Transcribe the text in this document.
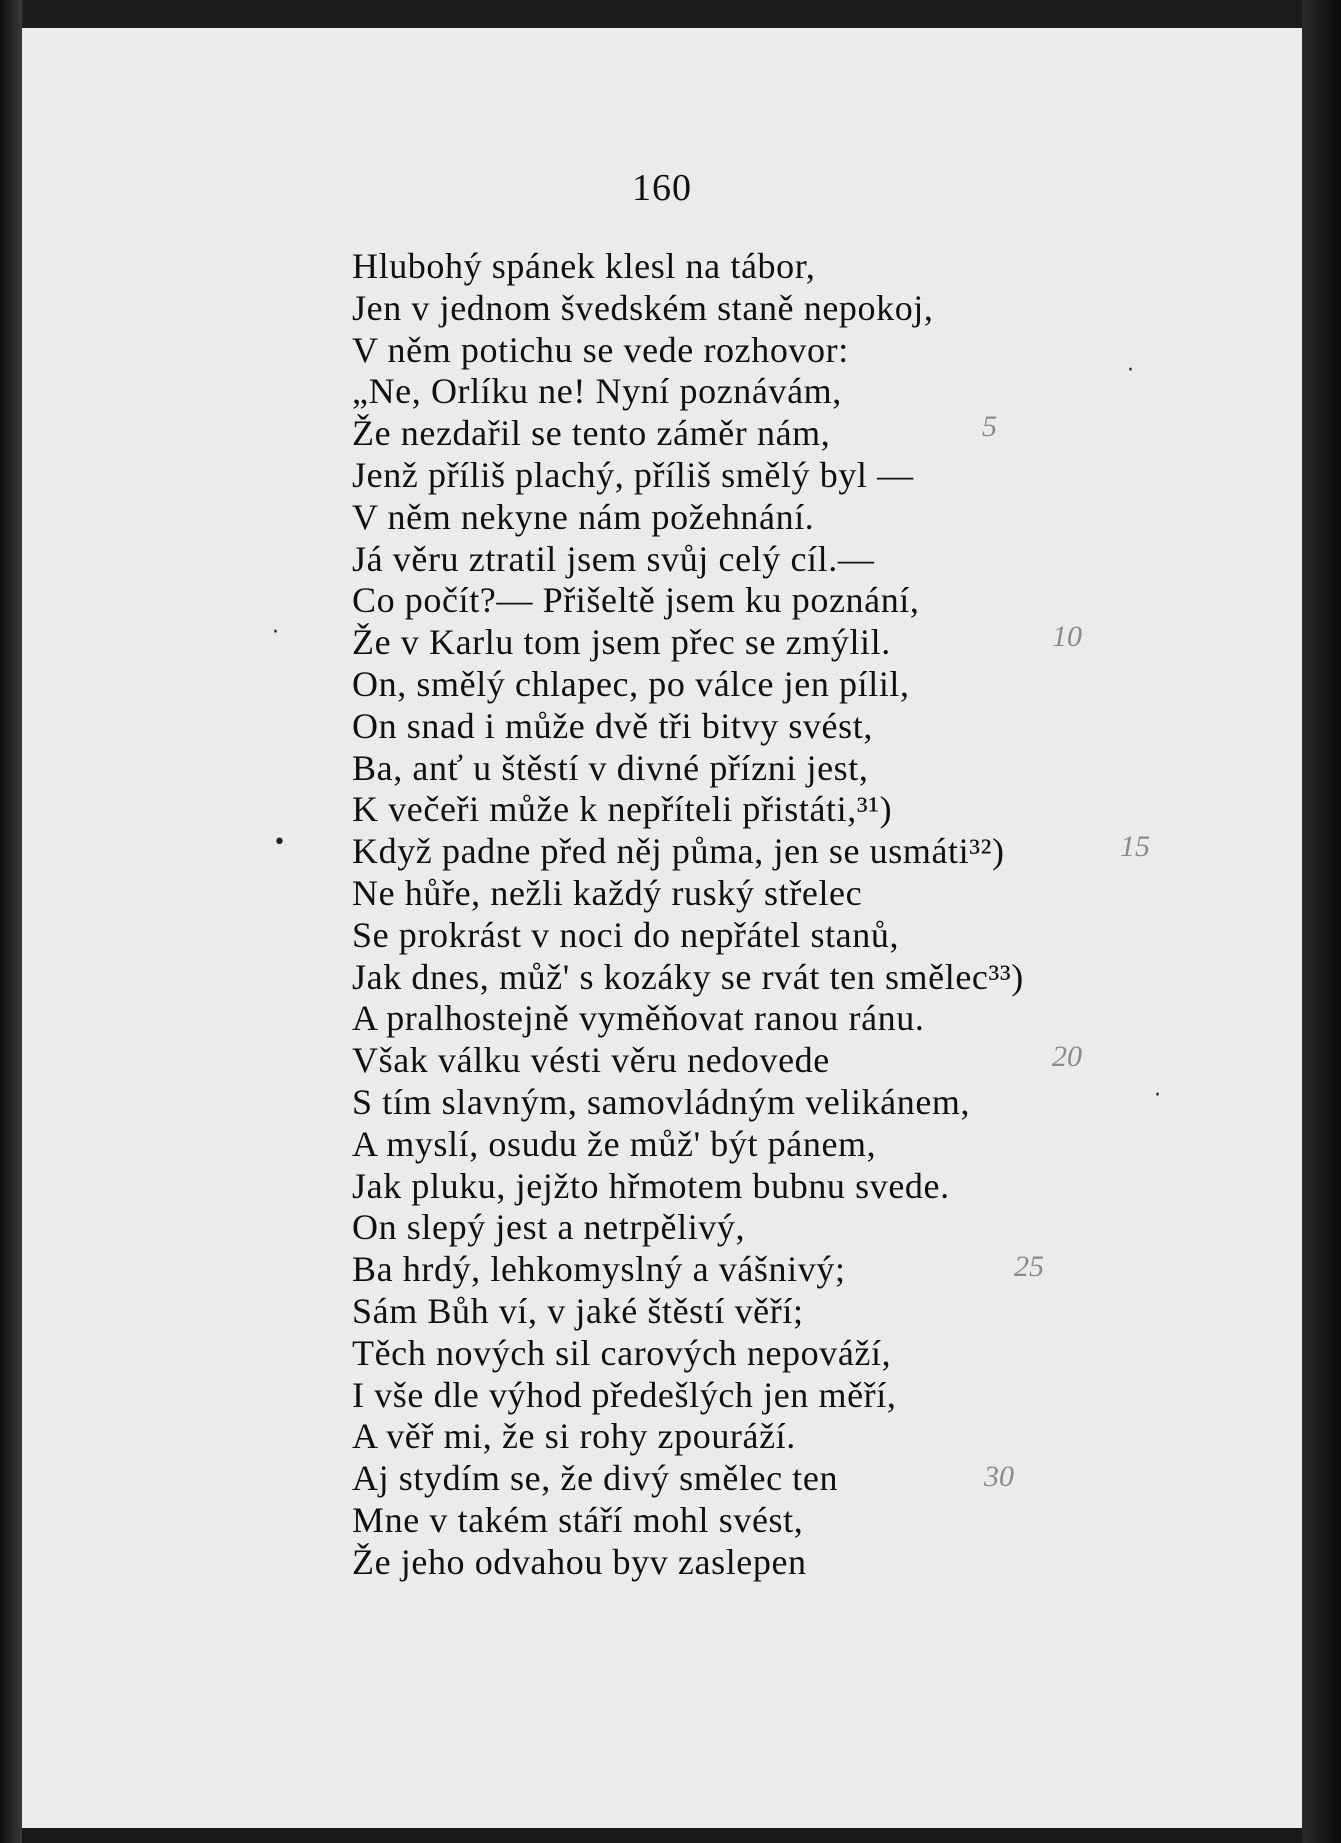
160
Hlubohý spánek klesl na tábor,
Jen v jednom švedském staně nepokoj,
V něm potichu se vede rozhovor:
„Ne, Orlíku ne! Nyní poznávám,
Že nezdařil se tento záměr nám,
Jenž příliš plachý, příliš smělý byl —
V něm nekyne nám požehnání.
Já věru ztratil jsem svůj celý cíl.—
Co počít?— Přišeltě jsem ku poznání,
Že v Karlu tom jsem přec se zmýlil.
On, smělý chlapec, po válce jen pílil,
On snad i může dvě tři bitvy svést,
Ba, anť u štěstí v divné přízni jest,
K večeři může k nepříteli přistáti,³¹)
Když padne před něj půma, jen se usmáti³²)
Ne hůře, nežli každý ruský střelec
Se prokrást v noci do nepřátel stanů,
Jak dnes, můž' s kozáky se rvát ten smělec³³)
A pralhostejně vyměňovat ranou ránu.
Však válku vésti věru nedovede
S tím slavným, samovládným velikánem,
A myslí, osudu že můž' být pánem,
Jak pluku, jejžto hřmotem bubnu svede.
On slepý jest a netrpělivý,
Ba hrdý, lehkomyslný a vášnivý;
Sám Bůh ví, v jaké štěstí věří;
Těch nových sil carových nepováží,
I vše dle výhod předešlých jen měří,
A věř mi, že si rohy zpouráží.
Aj stydím se, že divý smělec ten
Mne v takém stáří mohl svést,
Že jeho odvahou byv zaslepen
5
10
15
20
25
30
·
•
·
·
